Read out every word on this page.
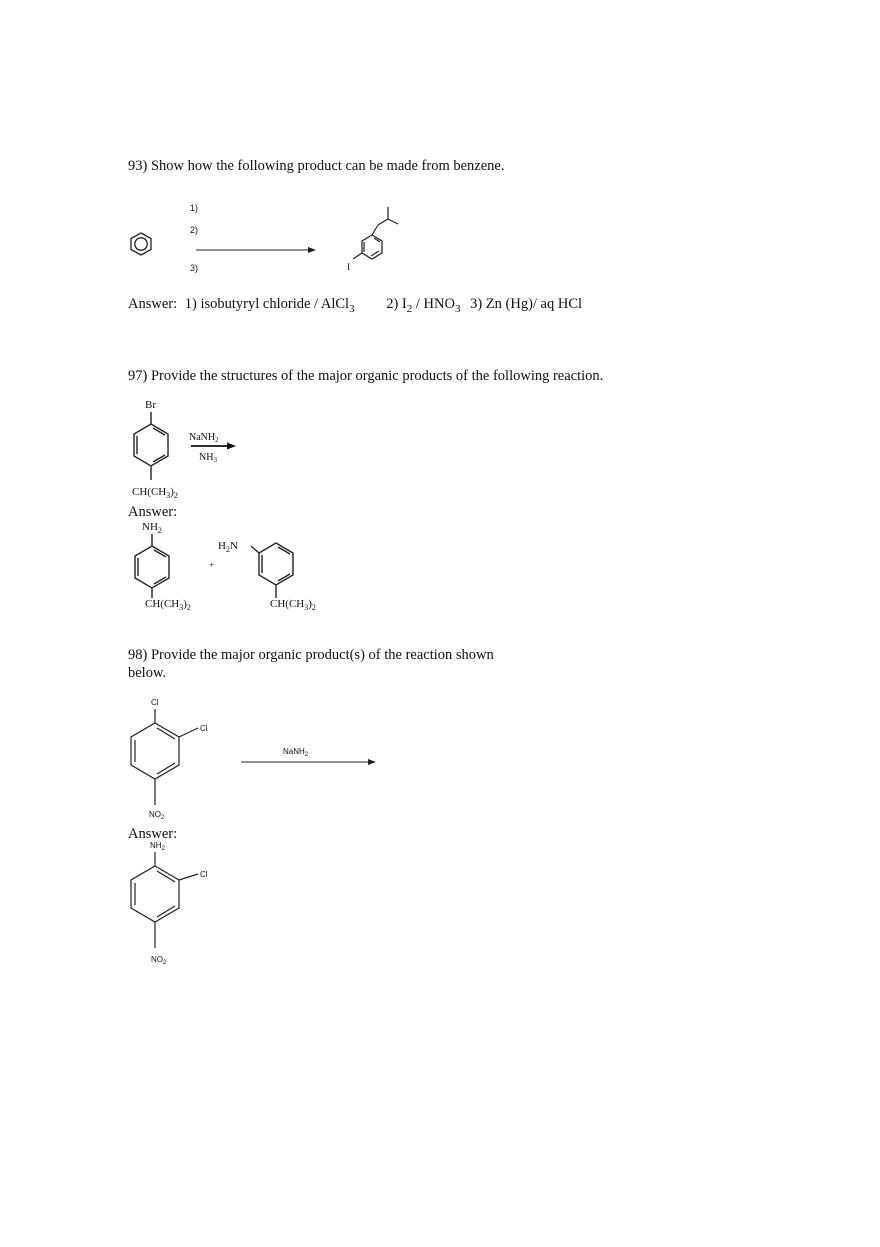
93) Show how the following product can be made from benzene.
1)
2)
3)	I
Answer: 1) isobutyryl chloride / AlCl$_3$ 2) $I_2 / HNO_3$ 3) Zn (Hg)/ aq HCl
97) Provide the structures of the major organic products of the following reaction.
Br
$CH(CH_3)_2$
NaNH$_2$
$NH_3$
Answer:
$NH_2$
$CH(CH_3)_2$
+
$H_2N$
$CH(CH_3)_2$
98) Provide the major organic product(s) of the reaction shown
below.
Cl
Cl
$NO_2$
NaNH$_2$
Answer:
$NH_2$
Cl
$NO_2$
